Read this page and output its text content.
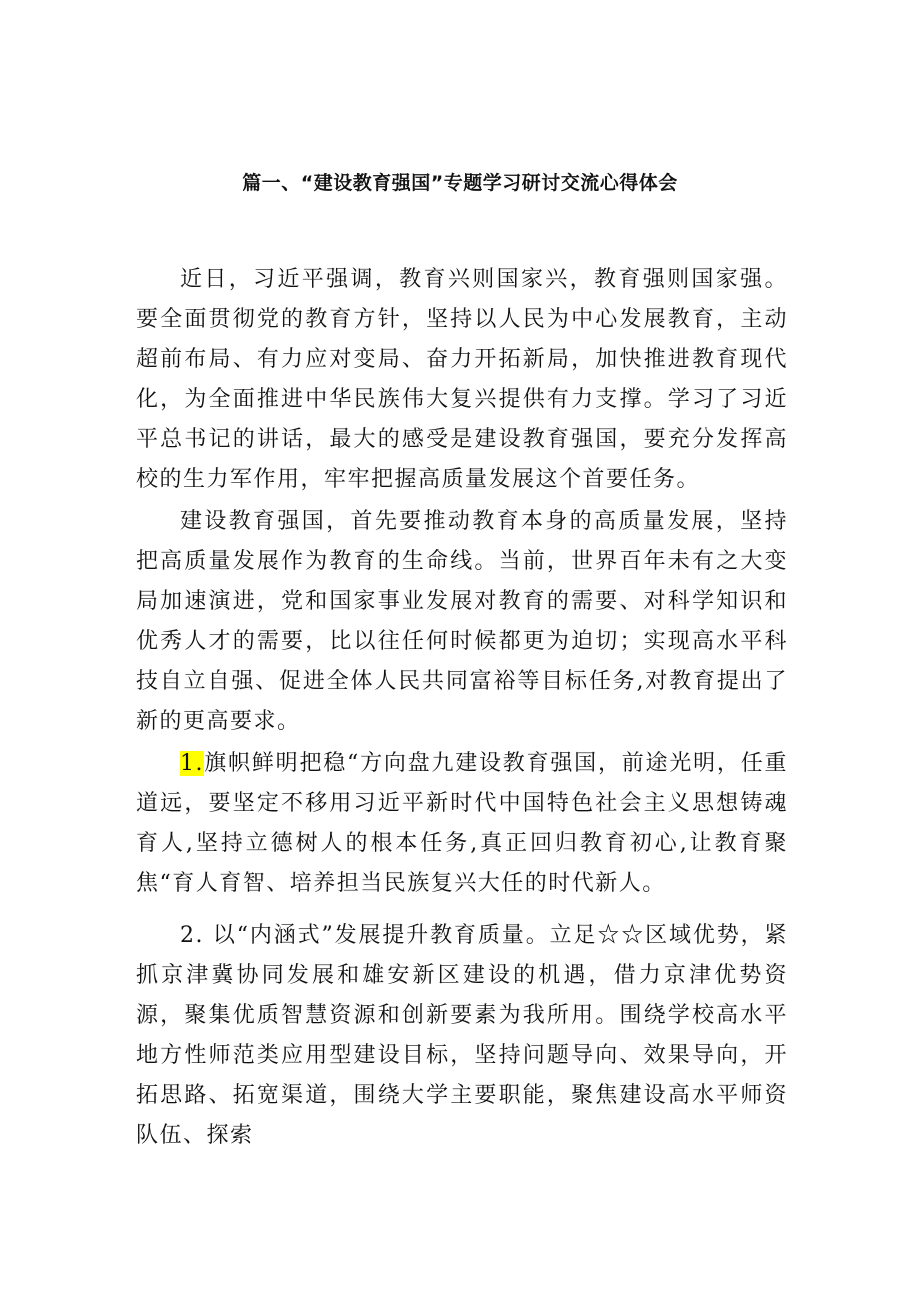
篇一、“建设教育强国”专题学习研讨交流心得体会

近日，习近平强调，教育兴则国家兴，教育强则国家强。要全面贯彻党的教育方针，坚持以人民为中心发展教育，主动超前布局、有力应对变局、奋力开拓新局，加快推进教育现代化，为全面推进中华民族伟大复兴提供有力支撑。学习了习近平总书记的讲话，最大的感受是建设教育强国，要充分发挥高校的生力军作用，牢牢把握高质量发展这个首要任务。

建设教育强国，首先要推动教育本身的高质量发展，坚持把高质量发展作为教育的生命线。当前，世界百年未有之大变局加速演进，党和国家事业发展对教育的需要、对科学知识和优秀人才的需要，比以往任何时候都更为迫切；实现高水平科技自立自强、促进全体人民共同富裕等目标任务,对教育提出了新的更高要求。

1.旗帜鲜明把稳“方向盘九建设教育强国，前途光明，任重道远，要坚定不移用习近平新时代中国特色社会主义思想铸魂育人,坚持立德树人的根本任务,真正回归教育初心,让教育聚焦“育人育智、培养担当民族复兴大任的时代新人。

2. 以“内涵式”发展提升教育质量。立足☆☆区域优势，紧抓京津冀协同发展和雄安新区建设的机遇，借力京津优势资源，聚集优质智慧资源和创新要素为我所用。围绕学校高水平地方性师范类应用型建设目标，坚持问题导向、效果导向，开拓思路、拓宽渠道，围绕大学主要职能，聚焦建设高水平师资队伍、探索
